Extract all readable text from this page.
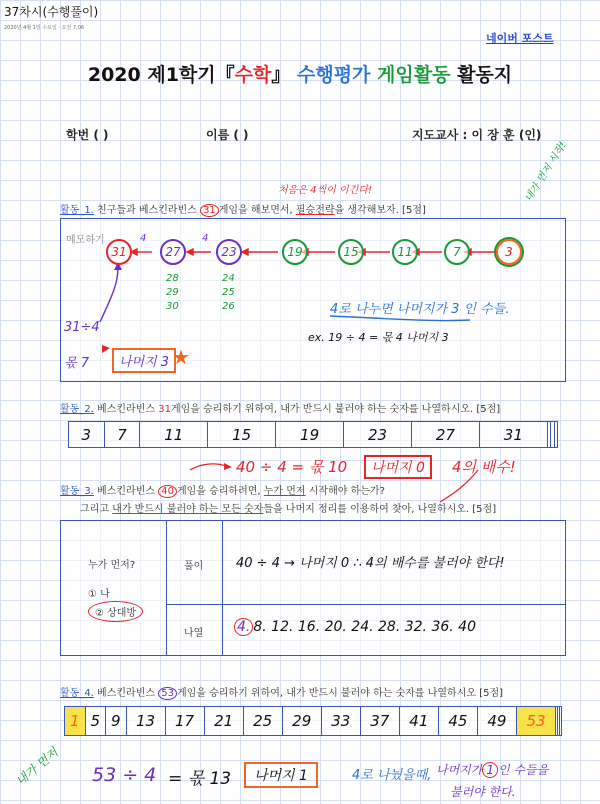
37차시(수행풀이)
2020년 4월 1일 수요일 · 오전 7:06
네이버 포스트
2020 제1학기『수학』 수행평가 게임활동 활동지
학번 ( )	이름 ( )	지도교사 : 이 장 훈 (인)
활동_1. 친구들과 베스킨라빈스 31 게임을 해보면서, 필승전략을 생각해보자. [5점]
처음은 4씩이 이긴다!	내가 먼저 시작!
메모하기
31	27	23	19	15	11	7	3
4	4
28
29
30
24
25
26	4로 나누면 나머지가 3 인 수들.
ex. 19 ÷ 4 = 몫 4 나머지 3
31÷4
몫 7	나머지 3 ★
활동_2. 베스킨라빈스 31게임을 승리하기 위하여, 내가 반드시 불러야 하는 숫자를 나열하시오. [5점]
3	7	11	15	19	23	27	31			
40 ÷ 4 = 몫 10	나머지 0	4의 배수!
활동_3. 베스킨라빈스 40 게임을 승리하려면, 누가 먼저 시작해야 하는가?
그리고 내가 반드시 불러야 하는 모든 숫자들을 나머지 정리를 이용하여 찾아, 나열하시오. [5점]
누가 먼저?
① 나
② 상대방
풀이	40 ÷ 4 → 나머지 0 ∴ 4의 배수를 불러야 한다!
나열 4. 8. 12. 16. 20. 24. 28. 32. 36. 40
활동_4. 베스킨라빈스 53 게임을 승리하기 위하여, 내가 반드시 불러야 하는 숫자를 나열하시오 [5점]
1	5	9	13	17	21	25	29	33	37	41	45	49	53			
내가 먼저 53 ÷ 4 = 몫 13	나머지 1	4로 나눴을때, 나머지가 1 인 수들을
불러야 한다.
